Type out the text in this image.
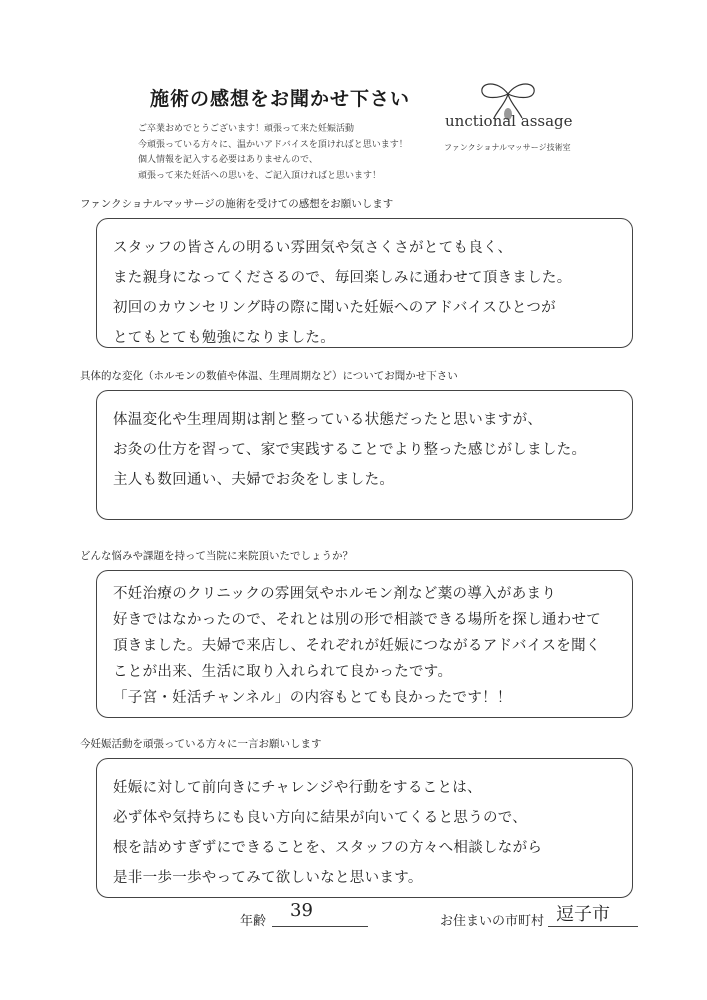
施術の感想をお聞かせ下さい
ご卒業おめでとうございます！頑張って来た妊娠活動
今頑張っている方々に、温かいアドバイスを頂ければと思います！
個人情報を記入する必要はありませんので、
頑張って来た妊活への思いを、ご記入頂ければと思います！
unctional assage
ファンクショナルマッサージ技術室
ファンクショナルマッサージの施術を受けての感想をお願いします
スタッフの皆さんの明るい雰囲気や気さくさがとても良く、
また親身になってくださるので、毎回楽しみに通わせて頂きました。
初回のカウンセリング時の際に聞いた妊娠へのアドバイスひとつが
とてもとても勉強になりました。
具体的な変化（ホルモンの数値や体温、生理周期など）についてお聞かせ下さい
体温変化や生理周期は割と整っている状態だったと思いますが、
お灸の仕方を習って、家で実践することでより整った感じがしました。
主人も数回通い、夫婦でお灸をしました。
どんな悩みや課題を持って当院に来院頂いたでしょうか？
不妊治療のクリニックの雰囲気やホルモン剤など薬の導入があまり
好きではなかったので、それとは別の形で相談できる場所を探し通わせて
頂きました。夫婦で来店し、それぞれが妊娠につながるアドバイスを聞く
ことが出来、生活に取り入れられて良かったです。
「子宮・妊活チャンネル」の内容もとても良かったです！！
今妊娠活動を頑張っている方々に一言お願いします
妊娠に対して前向きにチャレンジや行動をすることは、
必ず体や気持ちにも良い方向に結果が向いてくると思うので、
根を詰めすぎずにできることを、スタッフの方々へ相談しながら
是非一歩一歩やってみて欲しいなと思います。
年齢
39
お住まいの市町村 逗子市
